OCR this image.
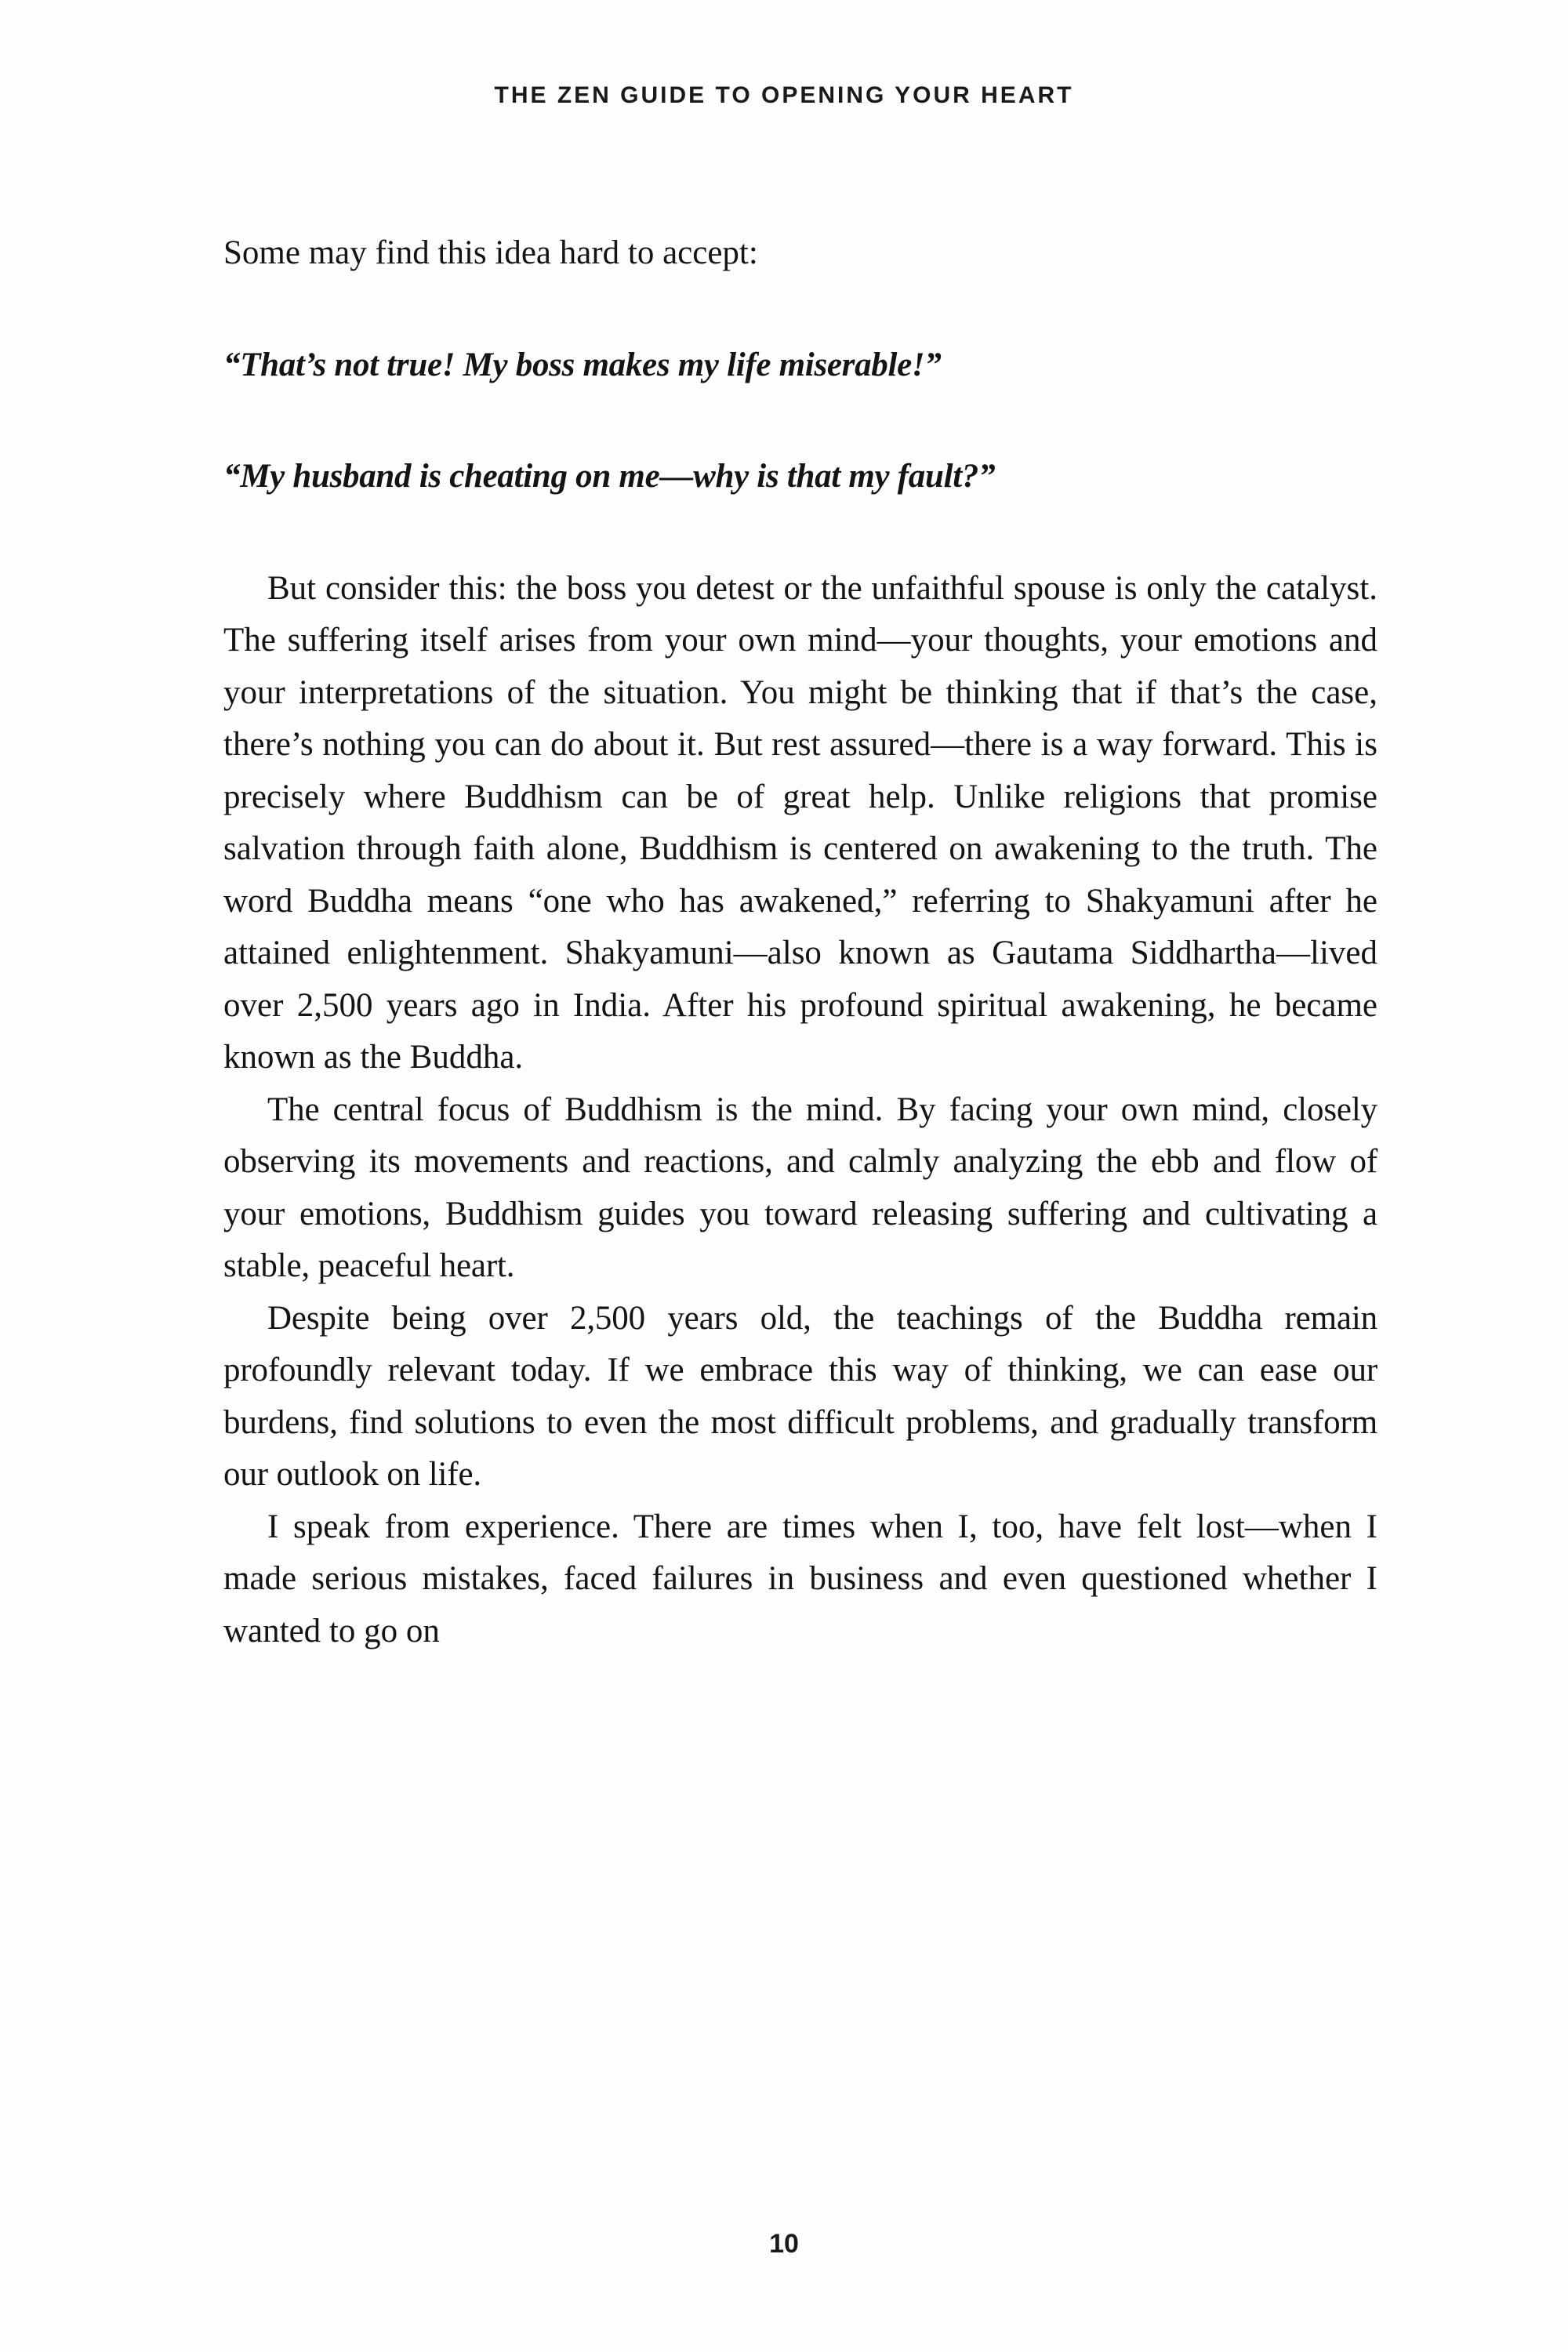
THE ZEN GUIDE TO OPENING YOUR HEART

Some may find this idea hard to accept:

“That’s not true! My boss makes my life miserable!”

“My husband is cheating on me—why is that my fault?”

But consider this: the boss you detest or the unfaithful spouse is only the catalyst. The suffering itself arises from your own mind—your thoughts, your emotions and your interpretations of the situation. You might be thinking that if that’s the case, there’s nothing you can do about it. But rest assured—there is a way forward. This is precisely where Buddhism can be of great help. Unlike religions that promise salvation through faith alone, Buddhism is centered on awakening to the truth. The word Buddha means “one who has awakened,” referring to Shakyamuni after he attained enlightenment. Shakyamuni—also known as Gautama Siddhartha—lived over 2,500 years ago in India. After his profound spiritual awakening, he became known as the Buddha.

The central focus of Buddhism is the mind. By facing your own mind, closely observing its movements and reactions, and calmly analyzing the ebb and flow of your emotions, Buddhism guides you toward releasing suffering and cultivating a stable, peaceful heart.

Despite being over 2,500 years old, the teachings of the Buddha remain profoundly relevant today. If we embrace this way of thinking, we can ease our burdens, find solutions to even the most difficult problems, and gradually transform our outlook on life.

I speak from experience. There are times when I, too, have felt lost—when I made serious mistakes, faced failures in business and even questioned whether I wanted to go on

10
